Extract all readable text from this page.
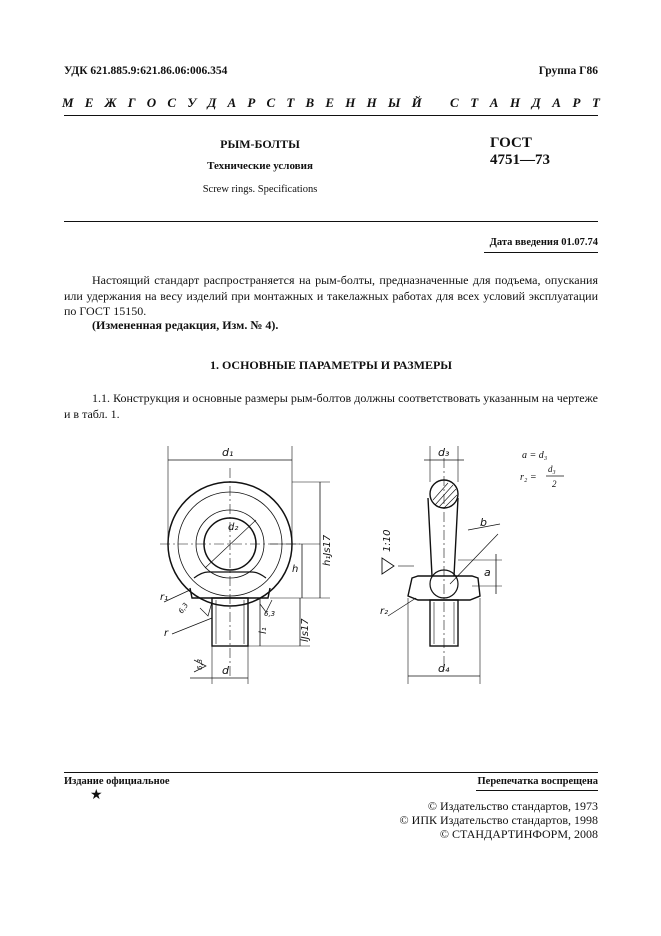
УДК 621.885.9:621.86.06:006.354	Группа Г86
М Е Ж Г О С У Д А Р С Т В Е Н Н Ы Й С Т А Н Д А Р Т
РЫМ-БОЛТЫ
Технические условия
Screw rings. Specifications
ГОСТ
4751—73
Дата введения 01.07.74
Настоящий стандарт распространяется на рым-болты, предназначенные для подъема, опускания или удержания на весу изделий при монтажных и такелажных работах для всех условий эксплуатации по ГОСТ 15150.
(Измененная редакция, Изм. № 4).
1. ОСНОВНЫЕ ПАРАМЕТРЫ И РАЗМЕРЫ
1.1. Конструкция и основные размеры рым-болтов должны соответствовать указанным на чертеже и в табл. 1.
d₁
d₂
h
h₁Js17
l₁	lJs17
d
r₁
r
6,3	6,3
6,3
d₃
d₄
a
b
1:10
r₂
a = d₃
r₂ =
d₃
2
Издание официальное	Перепечатка воспрещена
★
© Издательство стандартов, 1973
© ИПК Издательство стандартов, 1998
© СТАНДАРТИНФОРМ, 2008
